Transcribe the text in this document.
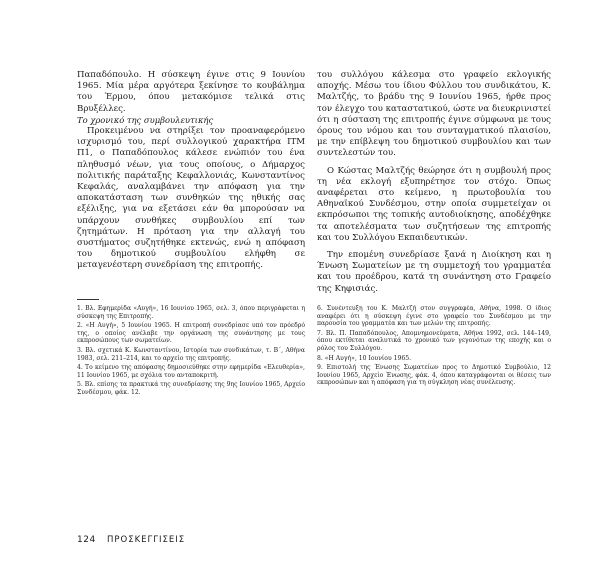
Παπαδόπουλο. Η σύσκεψη έγινε στις 9 Ιουνίου 1965. Μία μέρα αργότερα ξεκίνησε το κουβάλημα του Έρμου, όπου μετακόμισε τελικά στις Βρυξέλλες.

Το χρονικό της συμβουλευτικής

Προκειμένου να στηρίξει τον προαναφερόμενο ισχυρισμό του, περί συλλογικού χαρακτήρα ΙΤΜ Π1, ο Παπαδόπουλος κάλεσε ενώπιόν του ένα πληθυσμό νέων, για τους οποίους, ο Δήμαρχος πολιτικής παράταξης Κεφαλλονιάς, Κωνσταντίνος Κεφαλάς, αναλαμβάνει την απόφαση για την αποκατάσταση των συνθηκών της ηθικής σας εξέλιξης, για να εξετάσει εάν θα μπορούσαν να υπάρχουν συνθήκες συμβουλίου επί των ζητημάτων. Η πρόταση για την αλλαγή του συστήματος συζητήθηκε εκτενώς, ενώ η απόφαση του δημοτικού συμβουλίου ελήφθη σε μεταγενέστερη συνεδρίαση της επιτροπής.

του συλλόγου κάλεσμα στο γραφείο εκλογικής αποχής. Μέσω του ίδιου Φύλλου του συνδικάτου, Κ. Μαλτζής, το βράδυ της 9 Ιουνίου 1965, ήρθε προς τον έλεγχο του καταστατικού, ώστε να διευκρινιστεί ότι η σύσταση της επιτροπής έγινε σύμφωνα με τους όρους του νόμου και του συνταγματικού πλαισίου, με την επίβλεψη του δημοτικού συμβουλίου και των συντελεστών του.

Ο Κώστας Μαλτζής θεώρησε ότι η συμβουλή προς τη νέα εκλογή εξυπηρέτησε τον στόχο. Όπως αναφέρεται στο κείμενο, η πρωτοβουλία του Αθηναϊκού Συνδέσμου, στην οποία συμμετείχαν οι εκπρόσωποι της τοπικής αυτοδιοίκησης, αποδέχθηκε τα αποτελέσματα των συζητήσεων της επιτροπής και του Συλλόγου Εκπαιδευτικών.

Την επομένη συνεδρίασε ξανά η Διοίκηση και η Ένωση Σωματείων με τη συμμετοχή του γραμματέα και του προέδρου, κατά τη συνάντηση στο Γραφείο της Κηφισιάς.

1. Βλ. Εφημερίδα «Αυγή», 16 Ιουνίου 1965, σελ. 3, όπου περιγράφεται η σύσκεψη της Επιτροπής.

2. «Η Αυγή», 5 Ιουνίου 1965. Η επιτροπή συνεδρίασε υπό τον πρόεδρό της, ο οποίος ανέλαβε την οργάνωση της συνάντησης με τους εκπροσώπους των σωματείων.

3. Βλ. σχετικά Κ. Κωνσταντίνου, Ιστορία των συνδικάτων, τ. Β΄, Αθήνα 1983, σελ. 211–214, και το αρχείο της επιτροπής.

4. Το κείμενο της απόφασης δημοσιεύθηκε στην εφημερίδα «Ελευθερία», 11 Ιουνίου 1965, με σχόλια του ανταποκριτή.

5. Βλ. επίσης τα πρακτικά της συνεδρίασης της 9ης Ιουνίου 1965, Αρχείο Συνδέσμου, φάκ. 12.

6. Συνέντευξη του Κ. Μαλτζή στον συγγραφέα, Αθήνα, 1998. Ο ίδιος αναφέρει ότι η σύσκεψη έγινε στο γραφείο του Συνδέσμου με την παρουσία του γραμματέα και των μελών της επιτροπής.

7. Βλ. Π. Παπαδόπουλος, Απομνημονεύματα, Αθήνα 1992, σελ. 144–149, όπου εκτίθεται αναλυτικά το χρονικό των γεγονότων της εποχής και ο ρόλος του Συλλόγου.

8. «Η Αυγή», 10 Ιουνίου 1965.

9. Επιστολή της Ένωσης Σωματείων προς το Δημοτικό Συμβούλιο, 12 Ιουνίου 1965, Αρχείο Ένωσης, φάκ. 4, όπου καταγράφονται οι θέσεις των εκπροσώπων και η απόφαση για τη σύγκληση νέας συνέλευσης.

124 ΠΡΟΣΚΕΓΓΙΣΕΙΣ
